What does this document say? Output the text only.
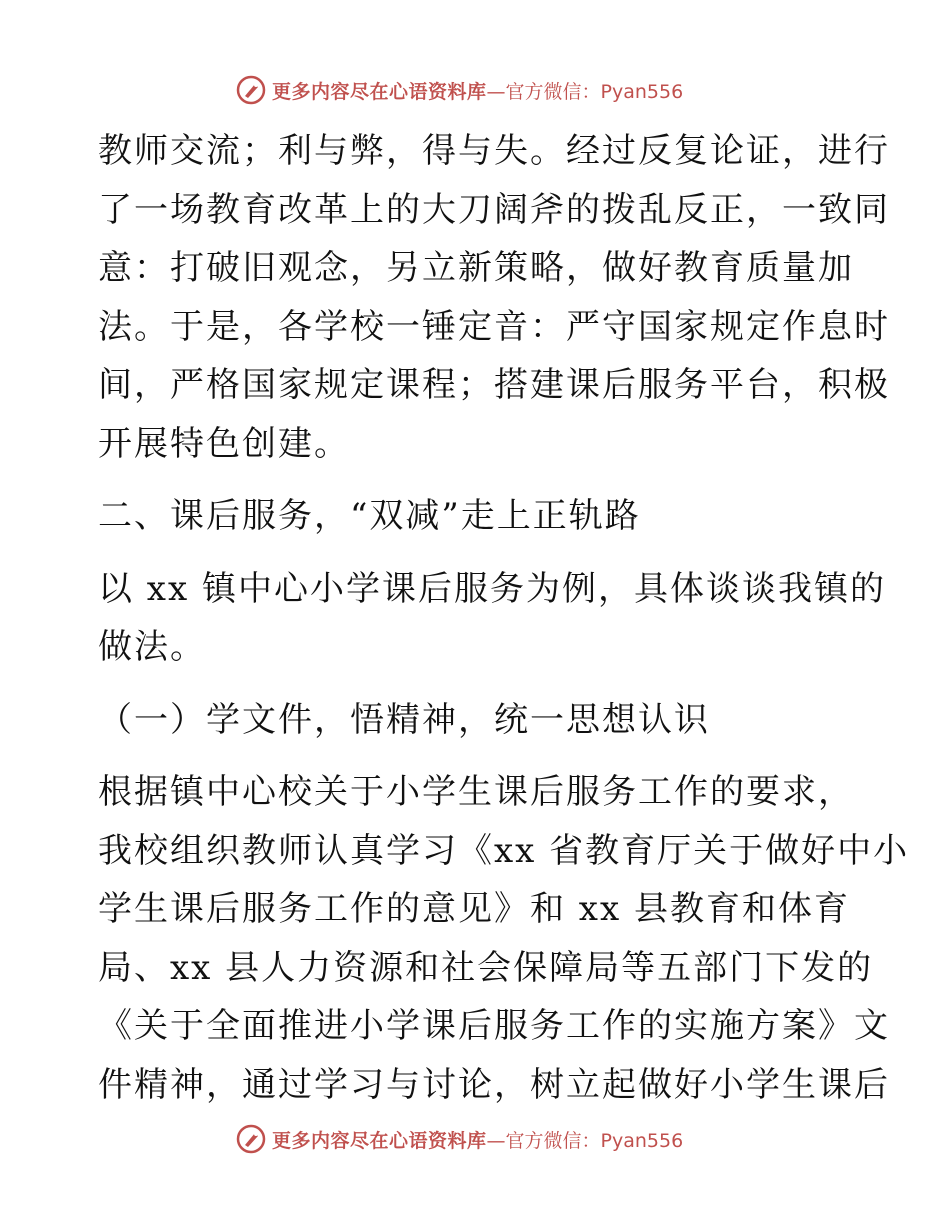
更多内容尽在心语资料库 —官方微信：Pyan556

教师交流；利与弊，得与失。经过反复论证，进行

了一场教育改革上的大刀阔斧的拨乱反正，一致同

意：打破旧观念，另立新策略，做好教育质量加

法。于是，各学校一锤定音：严守国家规定作息时

间，严格国家规定课程；搭建课后服务平台，积极

开展特色创建。

二、课后服务，“双减”走上正轨路

以 xx 镇中心小学课后服务为例，具体谈谈我镇的

做法。

（一）学文件，悟精神，统一思想认识

根据镇中心校关于小学生课后服务工作的要求，

我校组织教师认真学习《xx 省教育厅关于做好中小

学生课后服务工作的意见》和 xx 县教育和体育

局、xx 县人力资源和社会保障局等五部门下发的

《关于全面推进小学课后服务工作的实施方案》文

件精神，通过学习与讨论，树立起做好小学生课后

更多内容尽在心语资料库 —官方微信：Pyan556
